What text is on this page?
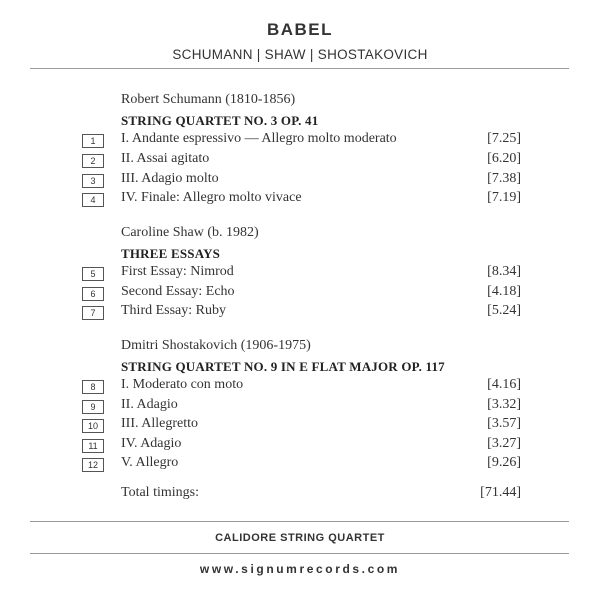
BABEL
SCHUMANN | SHAW | SHOSTAKOVICH
Robert Schumann (1810-1856)
STRING QUARTET NO. 3 OP. 41
1	I. Andante espressivo — Allegro molto moderato	[7.25]
2	II. Assai agitato	[6.20]
3	III. Adagio molto	[7.38]
4	IV. Finale: Allegro molto vivace	[7.19]
Caroline Shaw (b. 1982)
THREE ESSAYS
5	First Essay: Nimrod	[8.34]
6	Second Essay: Echo	[4.18]
7	Third Essay: Ruby	[5.24]
Dmitri Shostakovich (1906-1975)
STRING QUARTET NO. 9 IN E FLAT MAJOR OP. 117
8	I. Moderato con moto	[4.16]
9	II. Adagio	[3.32]
10	III. Allegretto	[3.57]
11	IV. Adagio	[3.27]
12	V. Allegro	[9.26]
Total timings:	[71.44]
CALIDORE STRING QUARTET
www.signumrecords.com
